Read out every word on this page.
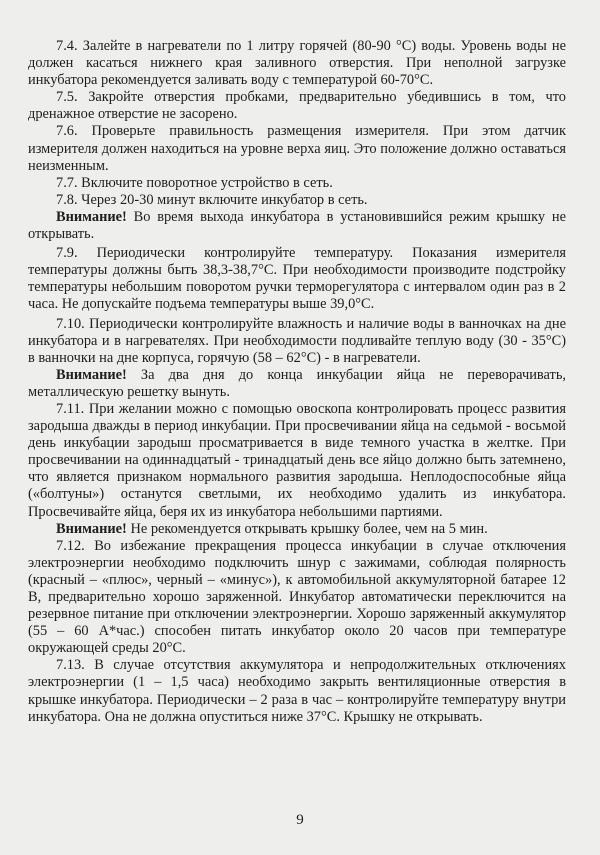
7.4. Залейте в нагреватели по 1 литру горячей (80-90 °С) воды. Уровень воды не должен касаться нижнего края заливного отверстия. При неполной загрузке инкубатора рекомендуется заливать воду с температурой 60-70°С.

7.5. Закройте отверстия пробками, предварительно убедившись в том, что дренажное отверстие не засорено.

7.6. Проверьте правильность размещения измерителя. При этом датчик измерителя должен находиться на уровне верха яиц. Это положение должно оставаться неизменным.

7.7. Включите поворотное устройство в сеть.

7.8. Через 20-30 минут включите инкубатор в сеть.

Внимание! Во время выхода инкубатора в установившийся режим крышку не открывать.

7.9. Периодически контролируйте температуру. Показания измерителя температуры должны быть 38,3-38,7°С. При необходимости производите подстройку температуры небольшим поворотом ручки терморегулятора с интервалом один раз в 2 часа. Не допускайте подъема температуры выше 39,0°С.

7.10. Периодически контролируйте влажность и наличие воды в ванночках на дне инкубатора и в нагревателях. При необходимости подливайте теплую воду (30 - 35°С) в ванночки на дне корпуса, горячую (58 – 62°С) - в нагреватели.

Внимание! За два дня до конца инкубации яйца не переворачивать, металлическую решетку вынуть.

7.11. При желании можно с помощью овоскопа контролировать процесс развития зародыша дважды в период инкубации. При просвечивании яйца на седьмой - восьмой день инкубации зародыш просматривается в виде темного участка в желтке. При просвечивании на одиннадцатый - тринадцатый день все яйцо должно быть затемнено, что является признаком нормального развития зародыша. Неплодоспособные яйца («болтуны») останутся светлыми, их необходимо удалить из инкубатора. Просвечивайте яйца, беря их из инкубатора небольшими партиями.

Внимание! Не рекомендуется открывать крышку более, чем на 5 мин.

7.12. Во избежание прекращения процесса инкубации в случае отключения электроэнергии необходимо подключить шнур с зажимами, соблюдая полярность (красный – «плюс», черный – «минус»), к автомобильной аккумуляторной батарее 12 В, предварительно хорошо заряженной. Инкубатор автоматически переключится на резервное питание при отключении электроэнергии. Хорошо заряженный аккумулятор (55 – 60 А*час.) способен питать инкубатор около 20 часов при температуре окружающей среды 20°С.

7.13. В случае отсутствия аккумулятора и непродолжительных отключениях электроэнергии (1 – 1,5 часа) необходимо закрыть вентиляционные отверстия в крышке инкубатора. Периодически – 2 раза в час – контролируйте температуру внутри инкубатора. Она не должна опуститься ниже 37°С. Крышку не открывать.

9
